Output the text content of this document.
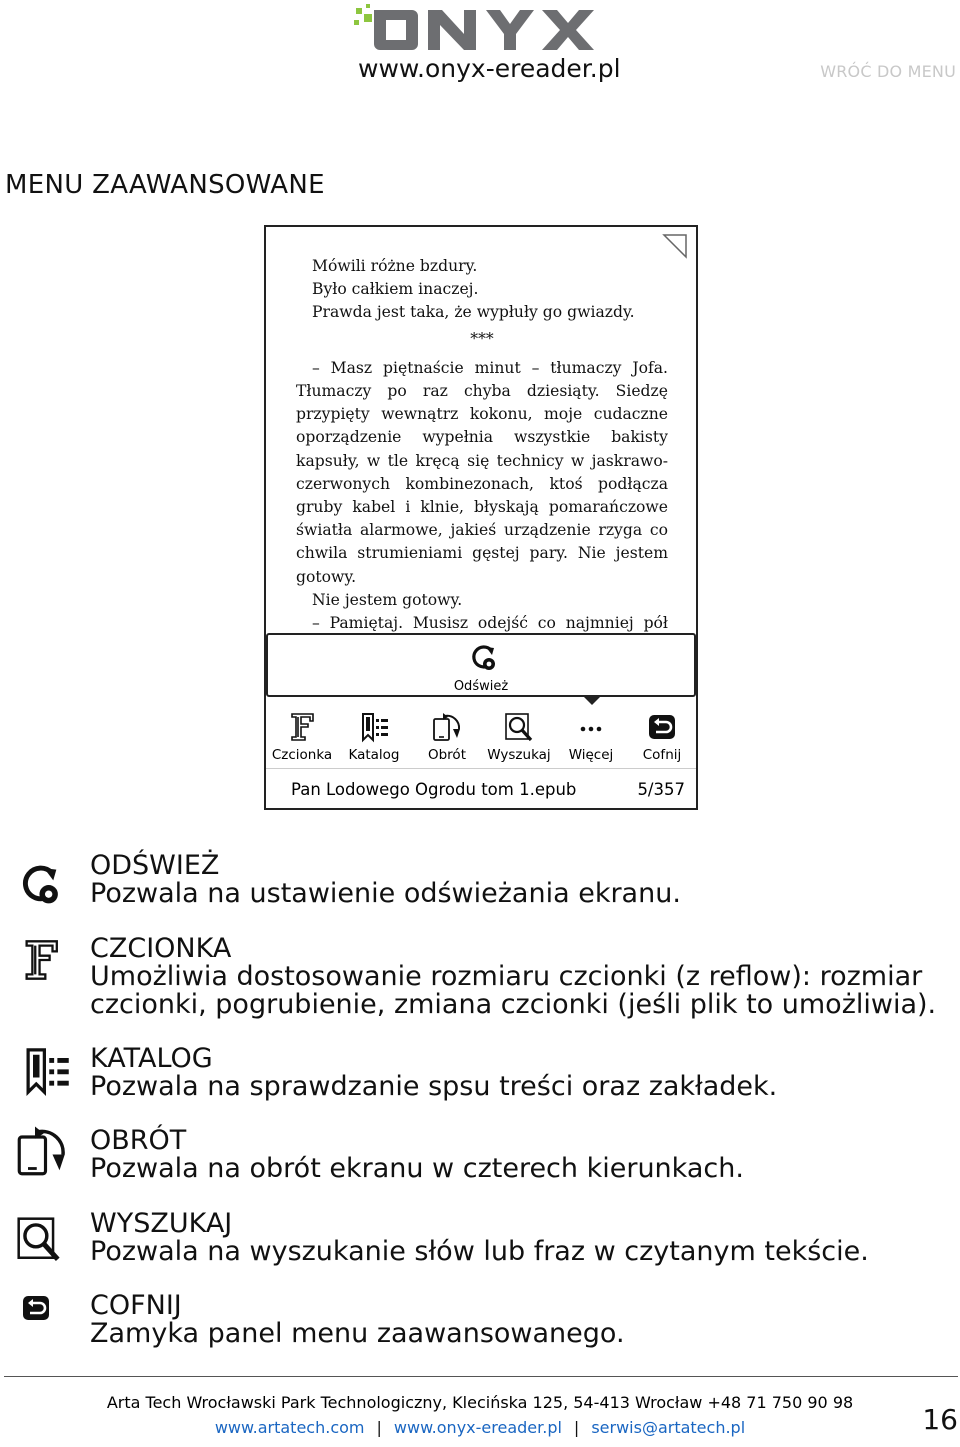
www.onyx-ereader.pl	WRÓĆ DO MENU
MENU ZAAWANSOWANE
Mówili różne bzdury.
Było całkiem inaczej.
Prawda jest taka, że wypłuły go gwiazdy.
***
– Masz piętnaście minut – tłumaczy Jofa.
Tłumaczy po raz chyba dziesiąty. Siedzę
przypięty wewnątrz kokonu, moje cudaczne
oporządzenie wypełnia wszystkie bakisty
kapsuły, w tle kręcą się technicy w jaskrawo-
czerwonych kombinezonach, ktoś podłącza
gruby kabel i klnie, błyskają pomarańczowe
światła alarmowe, jakieś urządzenie rzyga co
chwila strumieniami gęstej pary. Nie jestem
gotowy.
Nie jestem gotowy.
– Pamiętaj. Musisz odejść co najmniej pół
Odśwież
Czcionka	Katalog	Obrót	Wyszukaj	Więcej	Cofnij
Pan Lodowego Ogrodu tom 1.epub	5/357
ODŚWIEŻ
Pozwala na ustawienie odświeżania ekranu.
CZCIONKA
Umożliwia dostosowanie rozmiaru czcionki (z reflow): rozmiar czcionki, pogrubienie, zmiana czcionki (jeśli plik to umożliwia).
KATALOG
Pozwala na sprawdzanie spsu treści oraz zakładek.
OBRÓT
Pozwala na obrót ekranu w czterech kierunkach.
WYSZUKAJ
Pozwala na wyszukanie słów lub fraz w czytanym tekście.
COFNIJ
Zamyka panel menu zaawansowanego.
Arta Tech Wrocławski Park Technologiczny, Klecińska 125, 54-413 Wrocław +48 71 750 90 98
www.artatech.com | www.onyx-ereader.pl | serwis@artatech.pl	16
